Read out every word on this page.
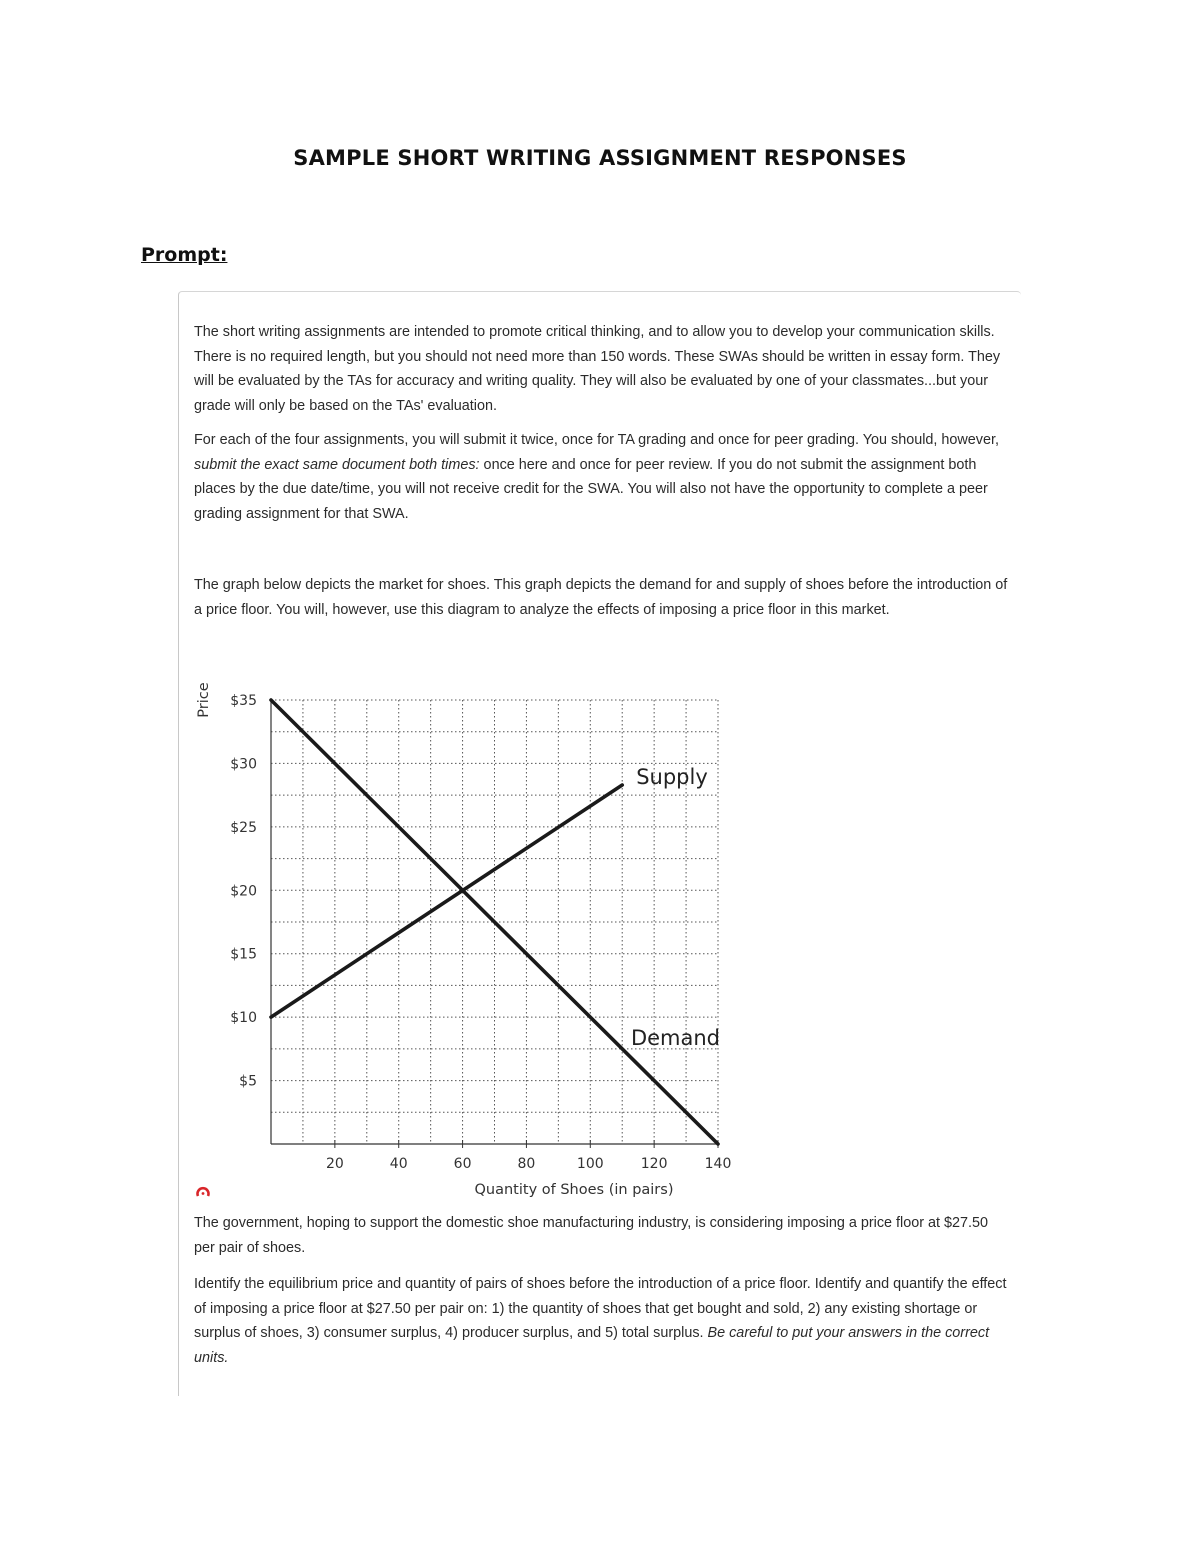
SAMPLE SHORT WRITING ASSIGNMENT RESPONSES
Prompt:

The short writing assignments are intended to promote critical thinking, and to allow you to develop your communication skills. There is no required length, but you should not need more than 150 words. These SWAs should be written in essay form. They will be evaluated by the TAs for accuracy and writing quality. They will also be evaluated by one of your classmates...but your grade will only be based on the TAs' evaluation.

For each of the four assignments, you will submit it twice, once for TA grading and once for peer grading. You should, however, submit the exact same document both times: once here and once for peer review. If you do not submit the assignment both places by the due date/time, you will not receive credit for the SWA. You will also not have the opportunity to complete a peer grading assignment for that SWA.

The graph below depicts the market for shoes. This graph depicts the demand for and supply of shoes before the introduction of a price floor. You will, however, use this diagram to analyze the effects of imposing a price floor in this market.

20	40	60	80	100	120	140
$5
$10
$15
$20
$25
$30
$35
Quantity of Shoes (in pairs)
Price
Supply
Demand

The government, hoping to support the domestic shoe manufacturing industry, is considering imposing a price floor at $27.50 per pair of shoes.

Identify the equilibrium price and quantity of pairs of shoes before the introduction of a price floor. Identify and quantify the effect of imposing a price floor at $27.50 per pair on: 1) the quantity of shoes that get bought and sold, 2) any existing shortage or surplus of shoes, 3) consumer surplus, 4) producer surplus, and 5) total surplus. Be careful to put your answers in the correct units.
